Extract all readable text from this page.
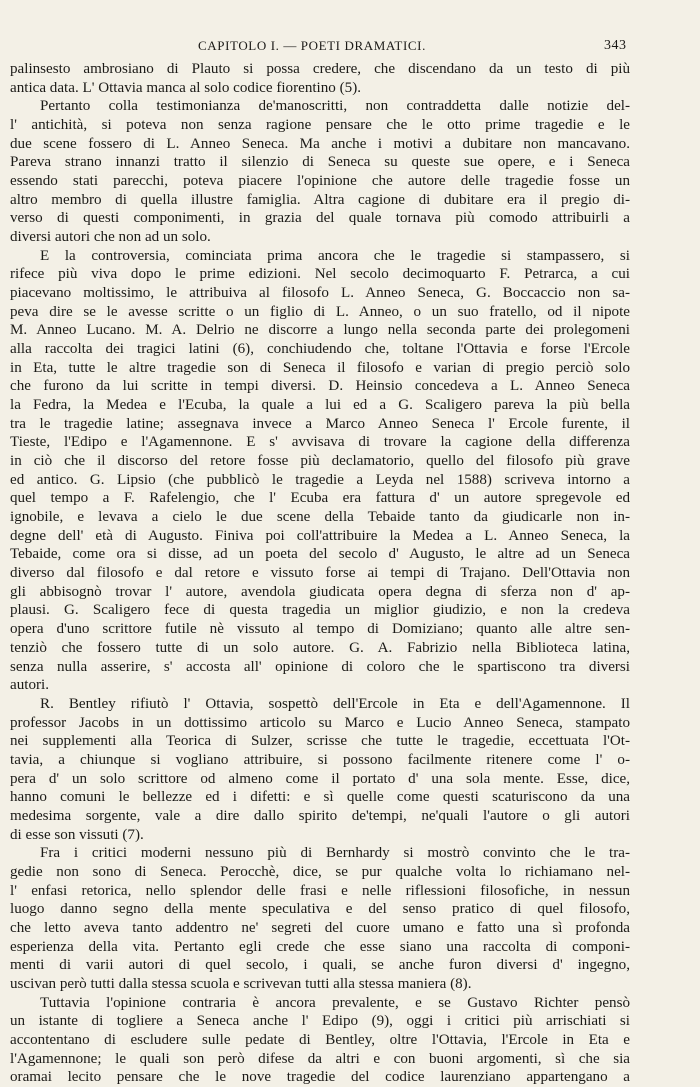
CAPITOLO I. — POETI DRAMATICI.	343
palinsesto ambrosiano di Plauto si possa credere, che discendano da un testo di più
antica data. L' Ottavia manca al solo codice fiorentino (5).
Pertanto colla testimonianza de'manoscritti, non contraddetta dalle notizie del-
l' antichità, si poteva non senza ragione pensare che le otto prime tragedie e le
due scene fossero di L. Anneo Seneca. Ma anche i motivi a dubitare non mancavano.
Pareva strano innanzi tratto il silenzio di Seneca su queste sue opere, e i Seneca
essendo stati parecchi, poteva piacere l'opinione che autore delle tragedie fosse un
altro membro di quella illustre famiglia. Altra cagione di dubitare era il pregio di-
verso di questi componimenti, in grazia del quale tornava più comodo attribuirli a
diversi autori che non ad un solo.
E la controversia, cominciata prima ancora che le tragedie si stampassero, si
rifece più viva dopo le prime edizioni. Nel secolo decimoquarto F. Petrarca, a cui
piacevano moltissimo, le attribuiva al filosofo L. Anneo Seneca, G. Boccaccio non sa-
peva dire se le avesse scritte o un figlio di L. Anneo, o un suo fratello, od il nipote
M. Anneo Lucano. M. A. Delrio ne discorre a lungo nella seconda parte dei prolegomeni
alla raccolta dei tragici latini (6), conchiudendo che, toltane l'Ottavia e forse l'Ercole
in Eta, tutte le altre tragedie son di Seneca il filosofo e varian di pregio perciò solo
che furono da lui scritte in tempi diversi. D. Heinsio concedeva a L. Anneo Seneca
la Fedra, la Medea e l'Ecuba, la quale a lui ed a G. Scaligero pareva la più bella
tra le tragedie latine; assegnava invece a Marco Anneo Seneca l' Ercole furente, il
Tieste, l'Edipo e l'Agamennone. E s' avvisava di trovare la cagione della differenza
in ciò che il discorso del retore fosse più declamatorio, quello del filosofo più grave
ed antico. G. Lipsio (che pubblicò le tragedie a Leyda nel 1588) scriveva intorno a
quel tempo a F. Rafelengio, che l' Ecuba era fattura d' un autore spregevole ed
ignobile, e levava a cielo le due scene della Tebaide tanto da giudicarle non in-
degne dell' età di Augusto. Finiva poi coll'attribuire la Medea a L. Anneo Seneca, la
Tebaide, come ora si disse, ad un poeta del secolo d' Augusto, le altre ad un Seneca
diverso dal filosofo e dal retore e vissuto forse ai tempi di Trajano. Dell'Ottavia non
gli abbisognò trovar l' autore, avendola giudicata opera degna di sferza non d' ap-
plausi. G. Scaligero fece di questa tragedia un miglior giudizio, e non la credeva
opera d'uno scrittore futile nè vissuto al tempo di Domiziano; quanto alle altre sen-
tenziò che fossero tutte di un solo autore. G. A. Fabrizio nella Biblioteca latina,
senza nulla asserire, s' accosta all' opinione di coloro che le spartiscono tra diversi
autori.
R. Bentley rifiutò l' Ottavia, sospettò dell'Ercole in Eta e dell'Agamennone. Il
professor Jacobs in un dottissimo articolo su Marco e Lucio Anneo Seneca, stampato
nei supplementi alla Teorica di Sulzer, scrisse che tutte le tragedie, eccettuata l'Ot-
tavia, a chiunque si vogliano attribuire, si possono facilmente ritenere come l' o-
pera d' un solo scrittore od almeno come il portato d' una sola mente. Esse, dice,
hanno comuni le bellezze ed i difetti: e sì quelle come questi scaturiscono da una
medesima sorgente, vale a dire dallo spirito de'tempi, ne'quali l'autore o gli autori
di esse son vissuti (7).
Fra i critici moderni nessuno più di Bernhardy si mostrò convinto che le tra-
gedie non sono di Seneca. Perocchè, dice, se pur qualche volta lo richiamano nel-
l' enfasi retorica, nello splendor delle frasi e nelle riflessioni filosofiche, in nessun
luogo danno segno della mente speculativa e del senso pratico di quel filosofo,
che letto aveva tanto addentro ne' segreti del cuore umano e fatto una sì profonda
esperienza della vita. Pertanto egli crede che esse siano una raccolta di componi-
menti di varii autori di quel secolo, i quali, se anche furon diversi d' ingegno,
uscivan però tutti dalla stessa scuola e scrivevan tutti alla stessa maniera (8).
Tuttavia l'opinione contraria è ancora prevalente, e se Gustavo Richter pensò
un istante di togliere a Seneca anche l' Edipo (9), oggi i critici più arrischiati si
accontentano di escludere sulle pedate di Bentley, oltre l'Ottavia, l'Ercole in Eta e
l'Agamennone; le quali son però difese da altri e con buoni argomenti, sì che sia
oramai lecito pensare che le nove tragedie del codice laurenziano appartengano a
